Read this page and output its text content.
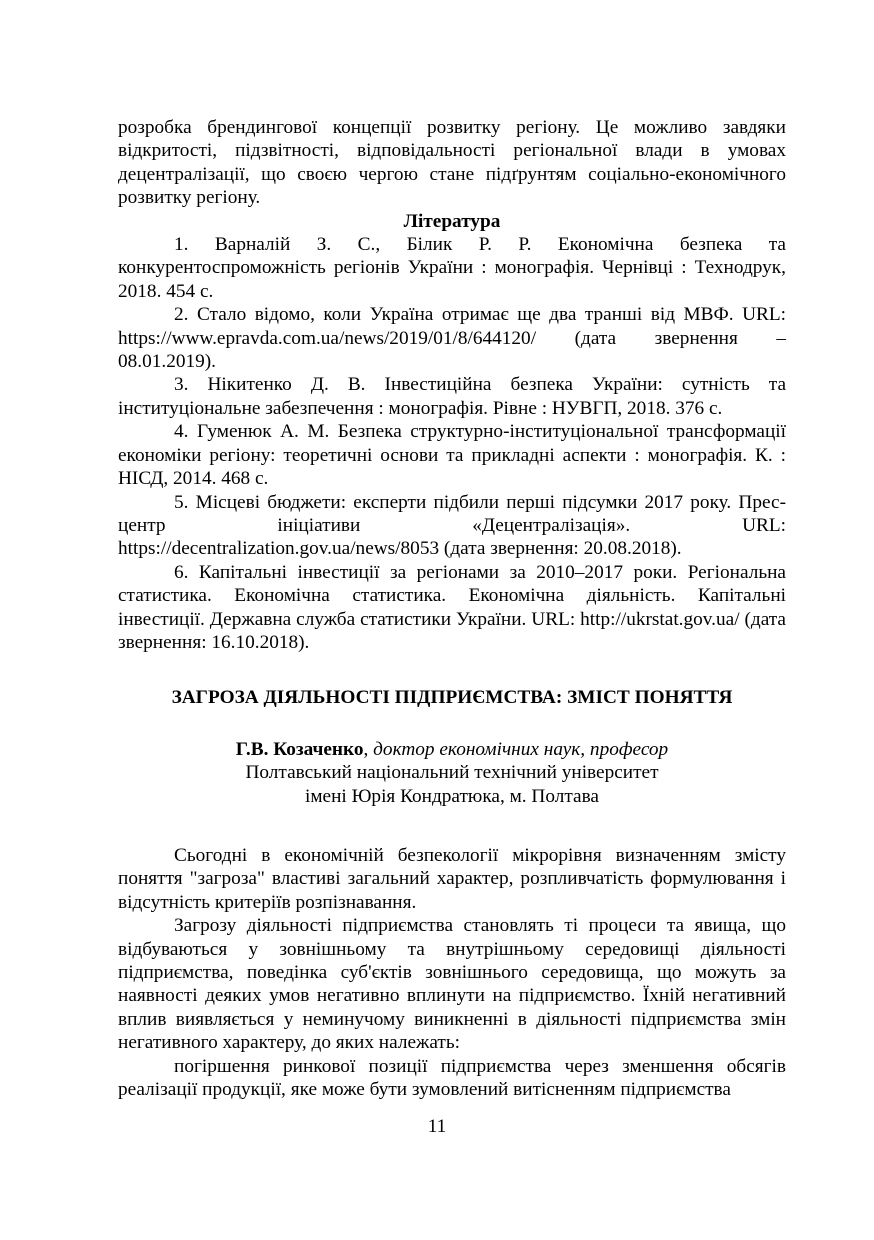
розробка брендингової концепції розвитку регіону. Це можливо завдяки відкритості, підзвітності, відповідальності регіональної влади в умовах децентралізації, що своєю чергою стане підґрунтям соціально-економічного розвитку регіону.

Література

1. Варналій З. С., Білик Р. Р. Економічна безпека та конкурентоспроможність регіонів України : монографія. Чернівці : Технодрук, 2018. 454 с.

2. Стало відомо, коли Україна отримає ще два транші від МВФ. URL: https://www.epravda.com.ua/news/2019/01/8/644120/ (дата звернення – 08.01.2019).

3. Нікитенко Д. В. Інвестиційна безпека України: сутність та інституціональне забезпечення : монографія. Рівне : НУВГП, 2018. 376 с.

4. Гуменюк А. М. Безпека структурно-інституціональної трансформації економіки регіону: теоретичні основи та прикладні аспекти : монографія. К. : НІСД, 2014. 468 с.

5. Місцеві бюджети: експерти підбили перші підсумки 2017 року. Прес-центр ініціативи «Децентралізація». URL: https://decentralization.gov.ua/news/8053 (дата звернення: 20.08.2018).

6. Капітальні інвестиції за регіонами за 2010–2017 роки. Регіональна статистика. Економічна статистика. Економічна діяльність. Капітальні інвестиції. Державна служба статистики України. URL: http://ukrstat.gov.ua/ (дата звернення: 16.10.2018).

ЗАГРОЗА ДІЯЛЬНОСТІ ПІДПРИЄМСТВА: ЗМІСТ ПОНЯТТЯ

Г.В. Козаченко, доктор економічних наук, професор
Полтавський національний технічний університет
імені Юрія Кондратюка, м. Полтава

Сьогодні в економічній безпекології мікрорівня визначенням змісту поняття "загроза" властиві загальний характер, розпливчатість формулювання і відсутність критеріїв розпізнавання.

Загрозу діяльності підприємства становлять ті процеси та явища, що відбуваються у зовнішньому та внутрішньому середовищі діяльності підприємства, поведінка суб'єктів зовнішнього середовища, що можуть за наявності деяких умов негативно вплинути на підприємство. Їхній негативний вплив виявляється у неминучому виникненні в діяльності підприємства змін негативного характеру, до яких належать:

погіршення ринкової позиції підприємства через зменшення обсягів реалізації продукції, яке може бути зумовлений витісненням підприємства

11
